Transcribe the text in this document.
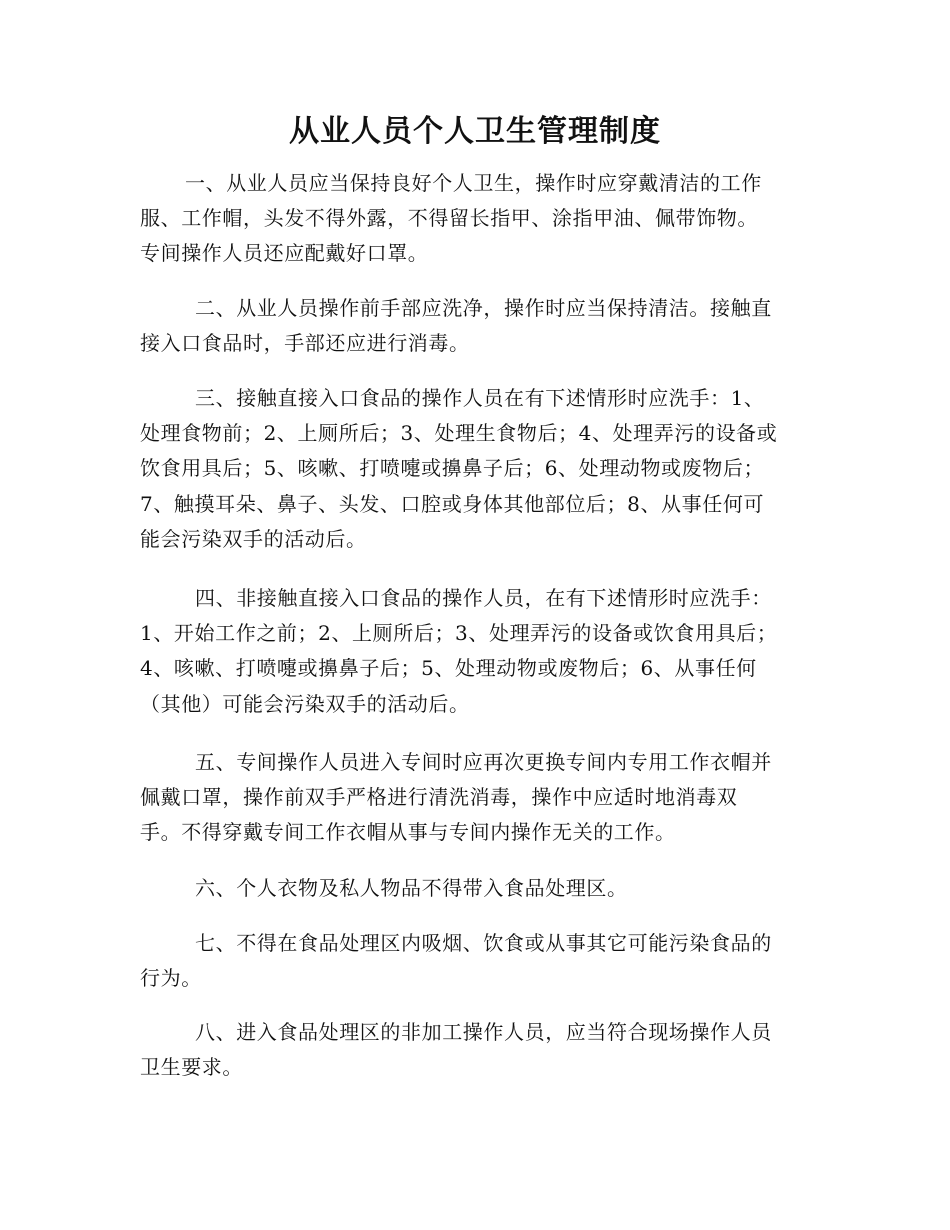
从业人员个人卫生管理制度
一、从业人员应当保持良好个人卫生，操作时应穿戴清洁的工作
服、工作帽，头发不得外露，不得留长指甲、涂指甲油、佩带饰物。
专间操作人员还应配戴好口罩。
二、从业人员操作前手部应洗净，操作时应当保持清洁。接触直
接入口食品时，手部还应进行消毒。
三、接触直接入口食品的操作人员在有下述情形时应洗手：1、
处理食物前；2、上厕所后；3、处理生食物后；4、处理弄污的设备或
饮食用具后；5、咳嗽、打喷嚏或擤鼻子后；6、处理动物或废物后；
7、触摸耳朵、鼻子、头发、口腔或身体其他部位后；8、从事任何可
能会污染双手的活动后。
四、非接触直接入口食品的操作人员，在有下述情形时应洗手：
1、开始工作之前；2、上厕所后；3、处理弄污的设备或饮食用具后；
4、咳嗽、打喷嚏或擤鼻子后；5、处理动物或废物后；6、从事任何
（其他）可能会污染双手的活动后。
五、专间操作人员进入专间时应再次更换专间内专用工作衣帽并
佩戴口罩，操作前双手严格进行清洗消毒，操作中应适时地消毒双
手。不得穿戴专间工作衣帽从事与专间内操作无关的工作。
六、个人衣物及私人物品不得带入食品处理区。
七、不得在食品处理区内吸烟、饮食或从事其它可能污染食品的
行为。
八、进入食品处理区的非加工操作人员，应当符合现场操作人员
卫生要求。
